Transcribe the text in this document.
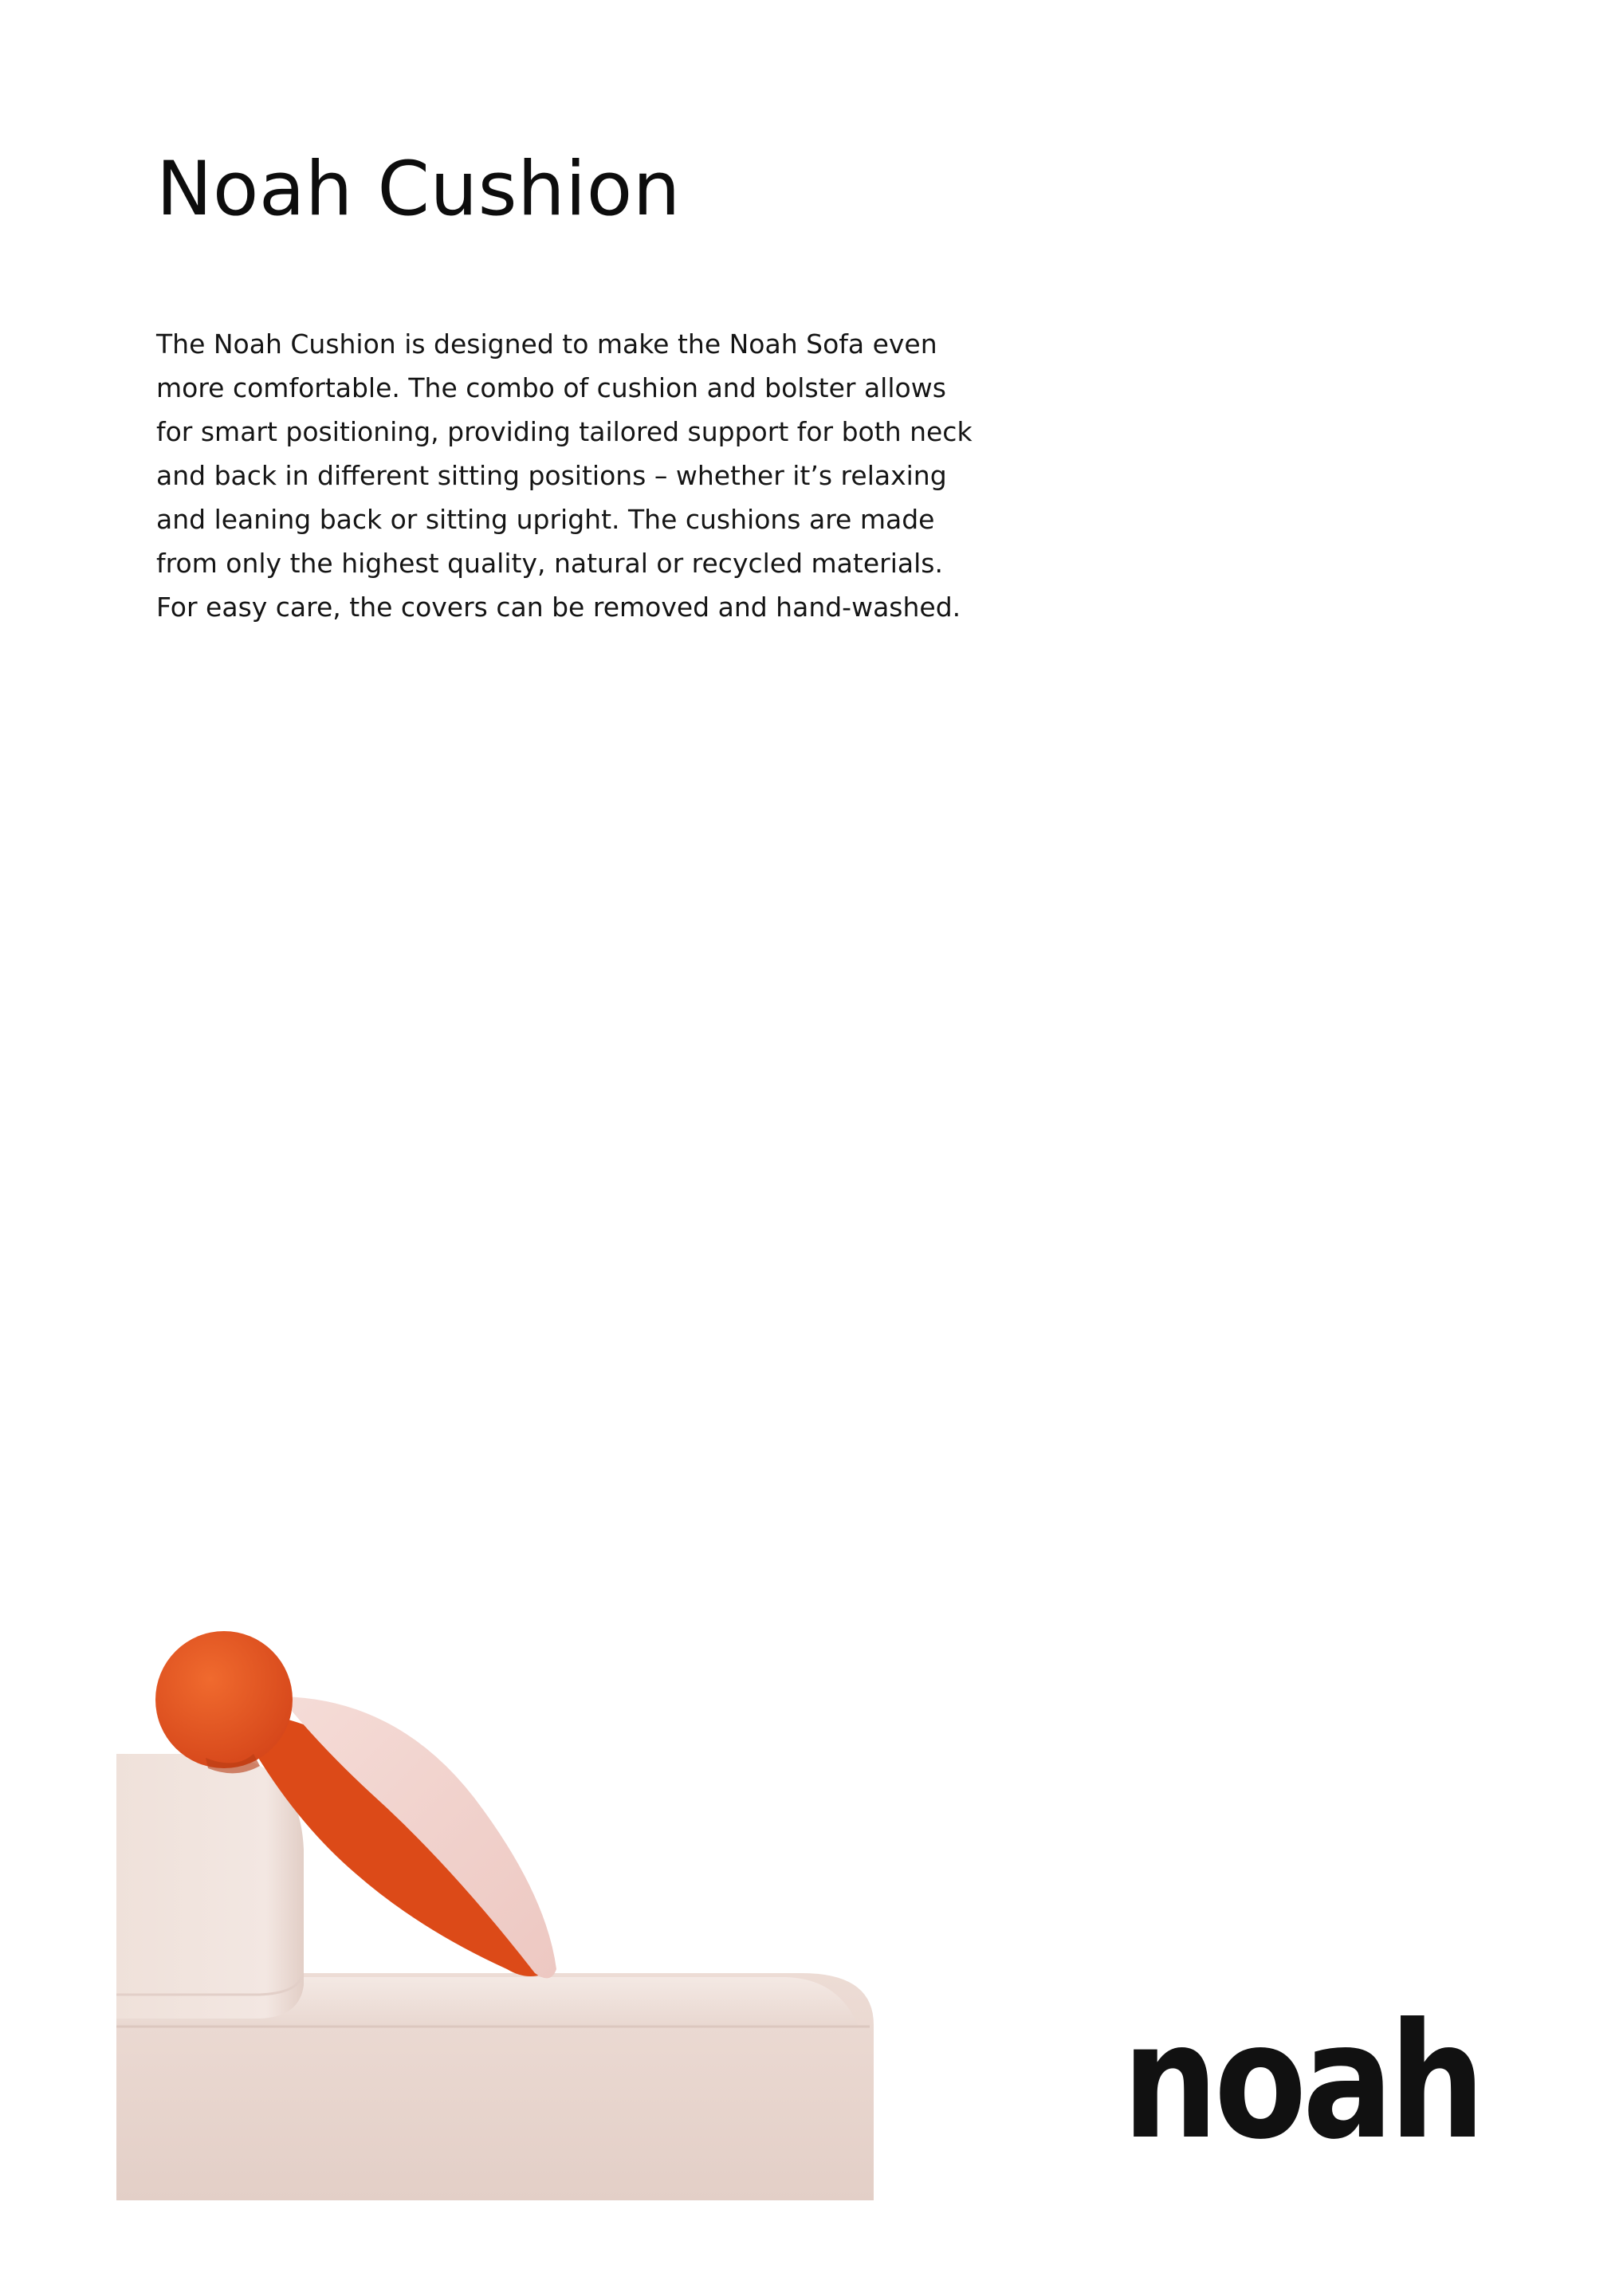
Noah Cushion
The Noah Cushion is designed to make the Noah Sofa even
more comfortable. The combo of cushion and bolster allows
for smart positioning, providing tailored support for both neck
and back in different sitting positions – whether it’s relaxing
and leaning back or sitting upright. The cushions are made
from only the highest quality, natural or recycled materials.
For easy care, the covers can be removed and hand-washed.
noah
